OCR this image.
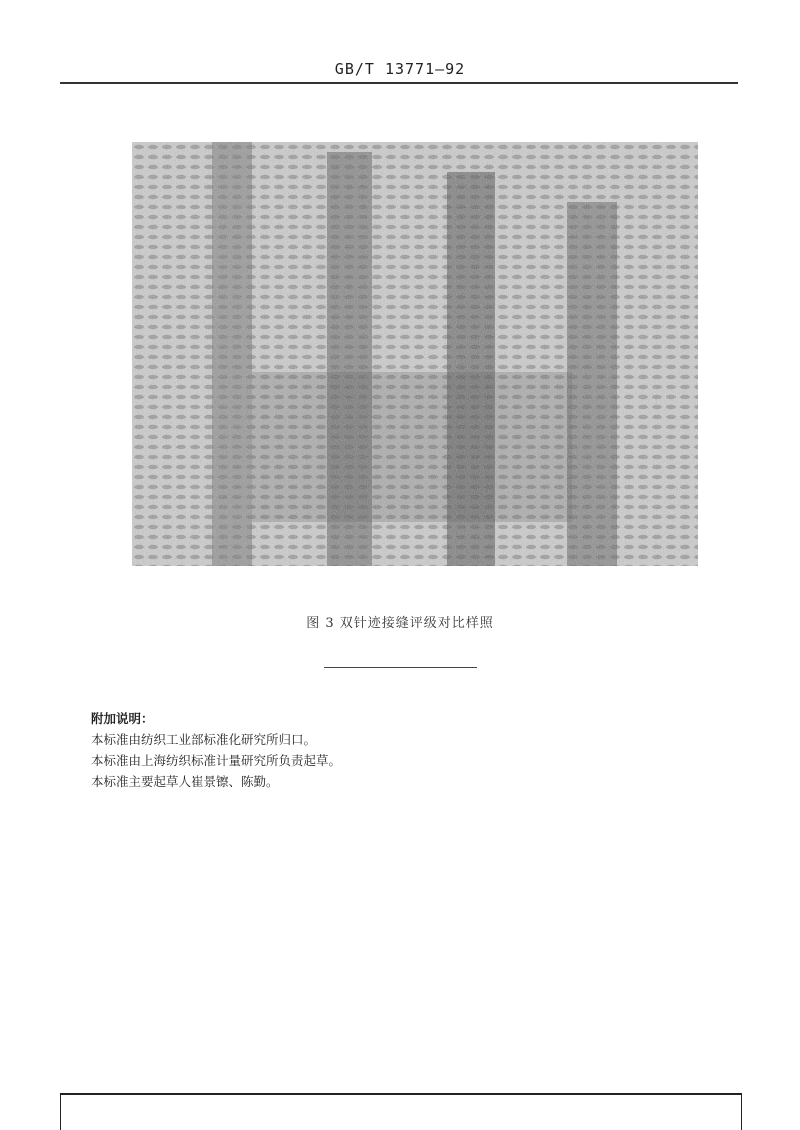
GB/T 13771—92
图 3 双针迹接缝评级对比样照
附加说明：
本标准由纺织工业部标准化研究所归口。
本标准由上海纺织标准计量研究所负责起草。
本标准主要起草人崔景镲、陈勤。
